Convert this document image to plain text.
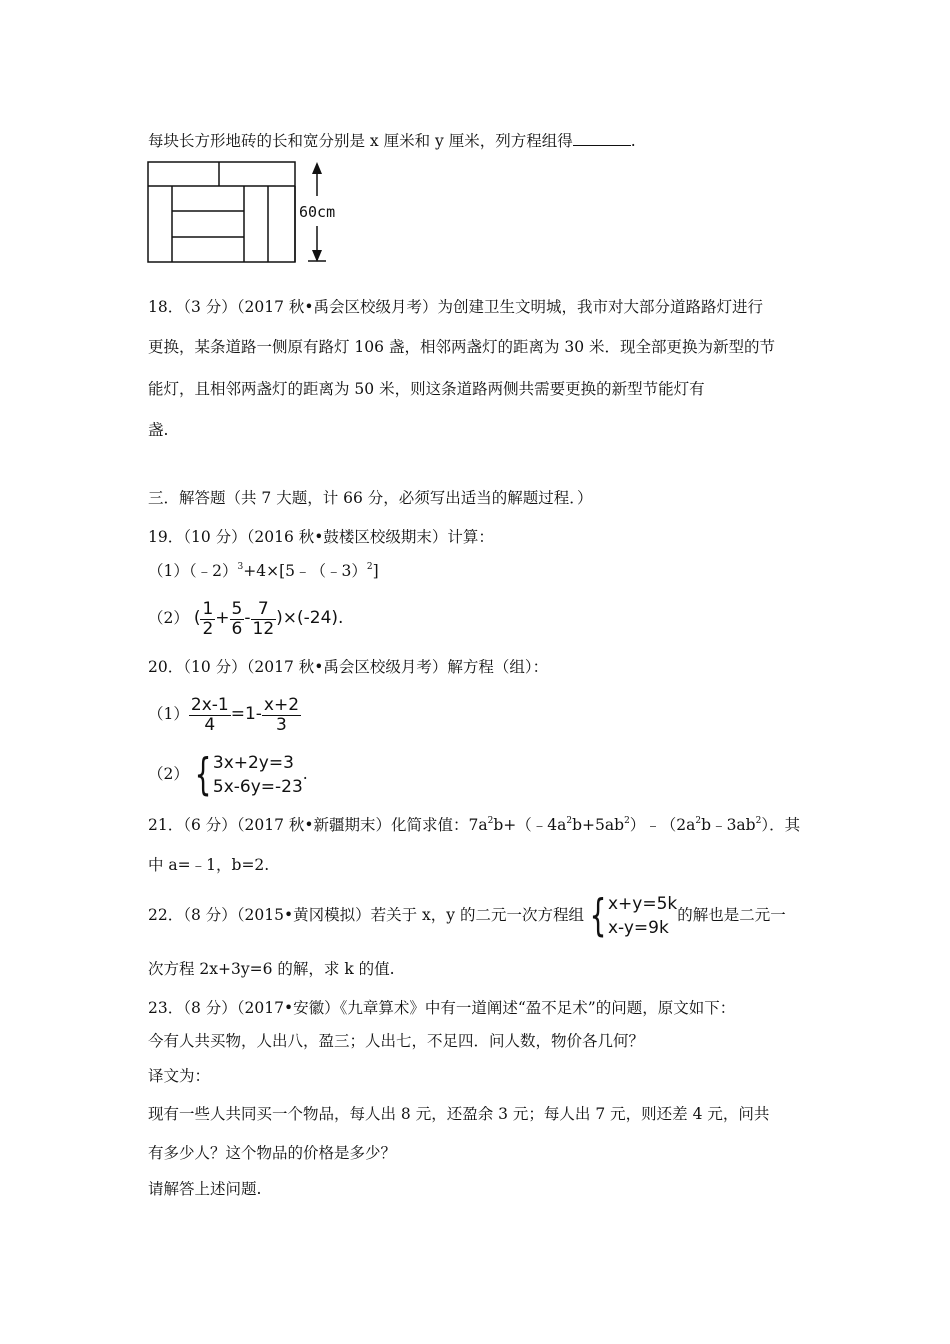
每块长方形地砖的长和宽分别是 x 厘米和 y 厘米，列方程组得	.
60cm
18．（3 分）（2017 秋•禹会区校级月考）为创建卫生文明城，我市对大部分道路路灯进行
更换，某条道路一侧原有路灯 106 盏，相邻两盏灯的距离为 30 米．现全部更换为新型的节
能灯，且相邻两盏灯的距离为 50 米，则这条道路两侧共需要更换的新型节能灯有
盏.
三．解答题（共 7 大题，计 66 分，必须写出适当的解题过程．）
19．（10 分）（2016 秋•鼓楼区校级期末）计算：
（1）（﹣2）$^3$+4×[5﹣（﹣3）$^2$]
（2） ( $\frac{1}{2} + \frac{5}{6} - \frac{7}{12} )\times(-24)$.
20．（10 分）（2017 秋•禹会区校级月考）解方程（组）：
$(1) \frac{2x-1}{4} =1- \frac{x+2}{3}$
（2） { 3x+2y=3
5x-6y=-23
.
21．（6 分）（2017 秋•新疆期末）化简求值：$7a^2b+(﹣4a^2b+5ab^2)﹣(2a^2b﹣3ab^2)$．其
中 a=﹣1，b=2.
22．（8 分）（2015•黄冈模拟）若关于 x，y 的二元一次方程组 { x+y=5k
x-y=9k
的解也是二元一
次方程 2x+3y=6 的解，求 k 的值.
23．（8 分）（2017•安徽）《九章算术》中有一道阐述“盈不足术”的问题，原文如下：
今有人共买物，人出八，盈三；人出七，不足四．问人数，物价各几何？
译文为：
现有一些人共同买一个物品，每人出 8 元，还盈余 3 元；每人出 7 元，则还差 4 元，问共
有多少人？这个物品的价格是多少？
请解答上述问题.
